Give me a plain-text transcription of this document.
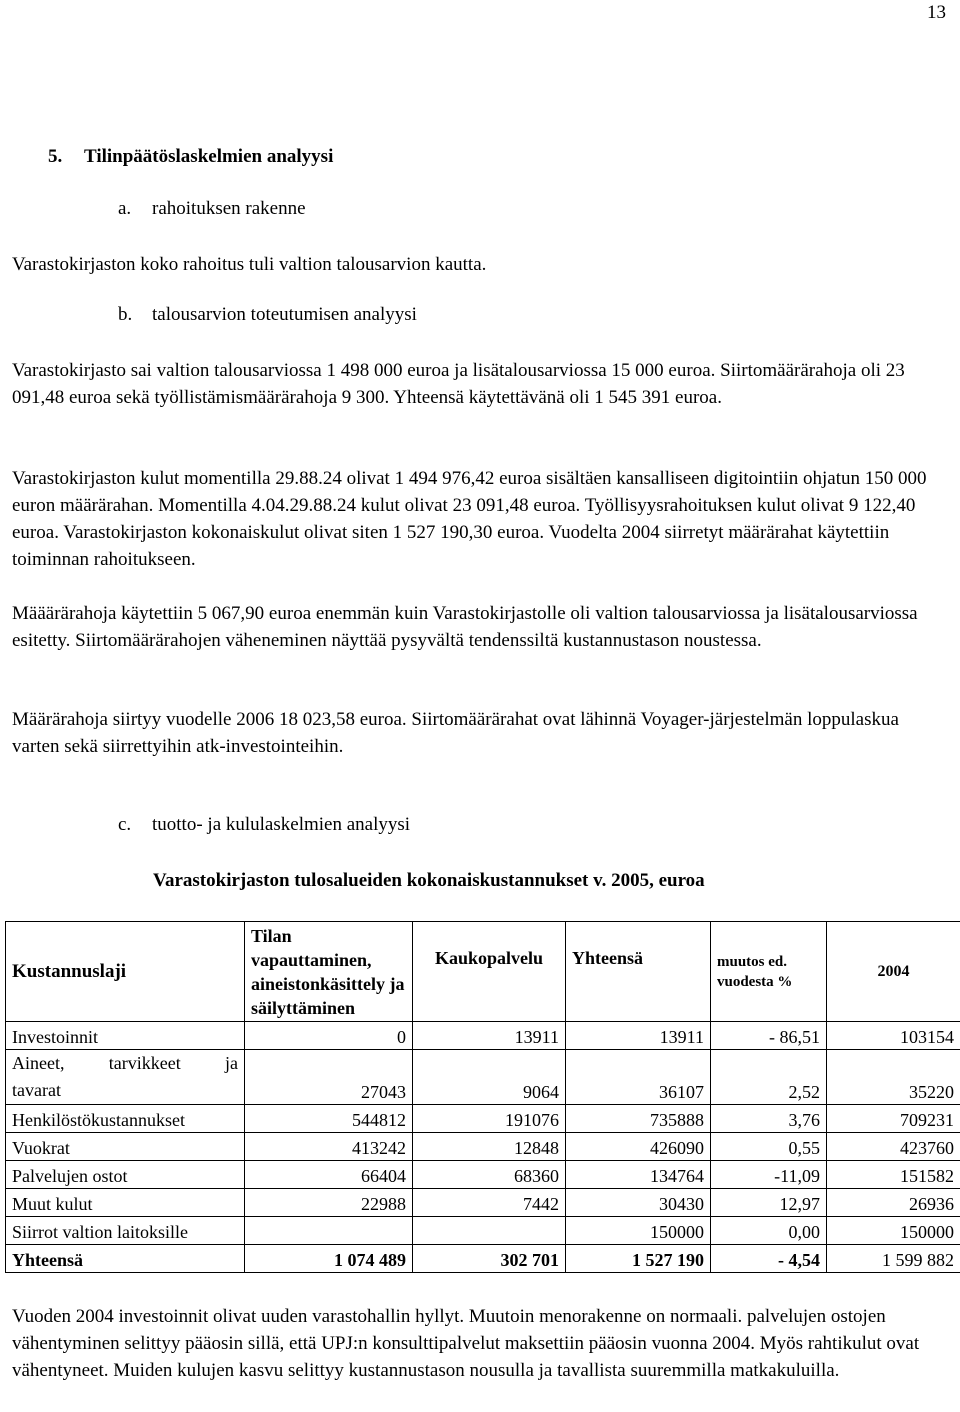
13
5. Tilinpäätöslaskelmien analyysi
a. rahoituksen rakenne
Varastokirjaston koko rahoitus tuli valtion talousarvion kautta.
b. talousarvion toteutumisen analyysi
Varastokirjasto sai valtion talousarviossa 1 498 000 euroa ja lisätalousarviossa 15 000 euroa. Siirtomäärärahoja oli 23 091,48 euroa sekä työllistämismäärärahoja 9 300. Yhteensä käytettävänä oli 1 545 391 euroa.
Varastokirjaston kulut momentilla 29.88.24 olivat 1 494 976,42 euroa sisältäen kansalliseen digitointiin ohjatun 150 000 euron määrärahan. Momentilla 4.04.29.88.24 kulut olivat 23 091,48 euroa. Työllisyysrahoituksen kulut olivat 9 122,40 euroa. Varastokirjaston kokonaiskulut olivat siten 1 527 190,30 euroa. Vuodelta 2004 siirretyt määrärahat käytettiin toiminnan rahoitukseen.
Määärärahoja käytettiin 5 067,90 euroa enemmän kuin Varastokirjastolle oli valtion talousarviossa ja lisätalousarviossa esitetty. Siirtomäärärahojen väheneminen näyttää pysyvältä tendenssiltä kustannustason noustessa.
Määrärahoja siirtyy vuodelle 2006 18 023,58 euroa. Siirtomäärärahat ovat lähinnä Voyager-järjestelmän loppulaskua varten sekä siirrettyihin atk-investointeihin.
c. tuotto- ja kululaskelmien analyysi
Varastokirjaston tulosalueiden kokonaiskustannukset v. 2005, euroa
Kustannuslaji	Tilan vapauttaminen, aineistonkäsittely ja säilyttäminen	Kaukopalvelu	Yhteensä	muutos ed. vuodesta %	2004
Investoinnit	0	13911	13911	- 86,51	103154

Aineet, tarvikkeet ja
tavarat	27043	9064	36107	2,52	35220
Henkilöstökustannukset	544812	191076	735888	3,76	709231
Vuokrat	413242	12848	426090	0,55	423760
Palvelujen ostot	66404	68360	134764	-11,09	151582
Muut kulut	22988	7442	30430	12,97	26936
Siirrot valtion laitoksille			150000	0,00	150000
Yhteensä	1 074 489	302 701	1 527 190	- 4,54	1 599 882
Vuoden 2004 investoinnit olivat uuden varastohallin hyllyt. Muutoin menorakenne on normaali. palvelujen ostojen vähentyminen selittyy pääosin sillä, että UPJ:n konsulttipalvelut maksettiin pääosin vuonna 2004. Myös rahtikulut ovat vähentyneet. Muiden kulujen kasvu selittyy kustannustason nousulla ja tavallista suuremmilla matkakuluilla.
